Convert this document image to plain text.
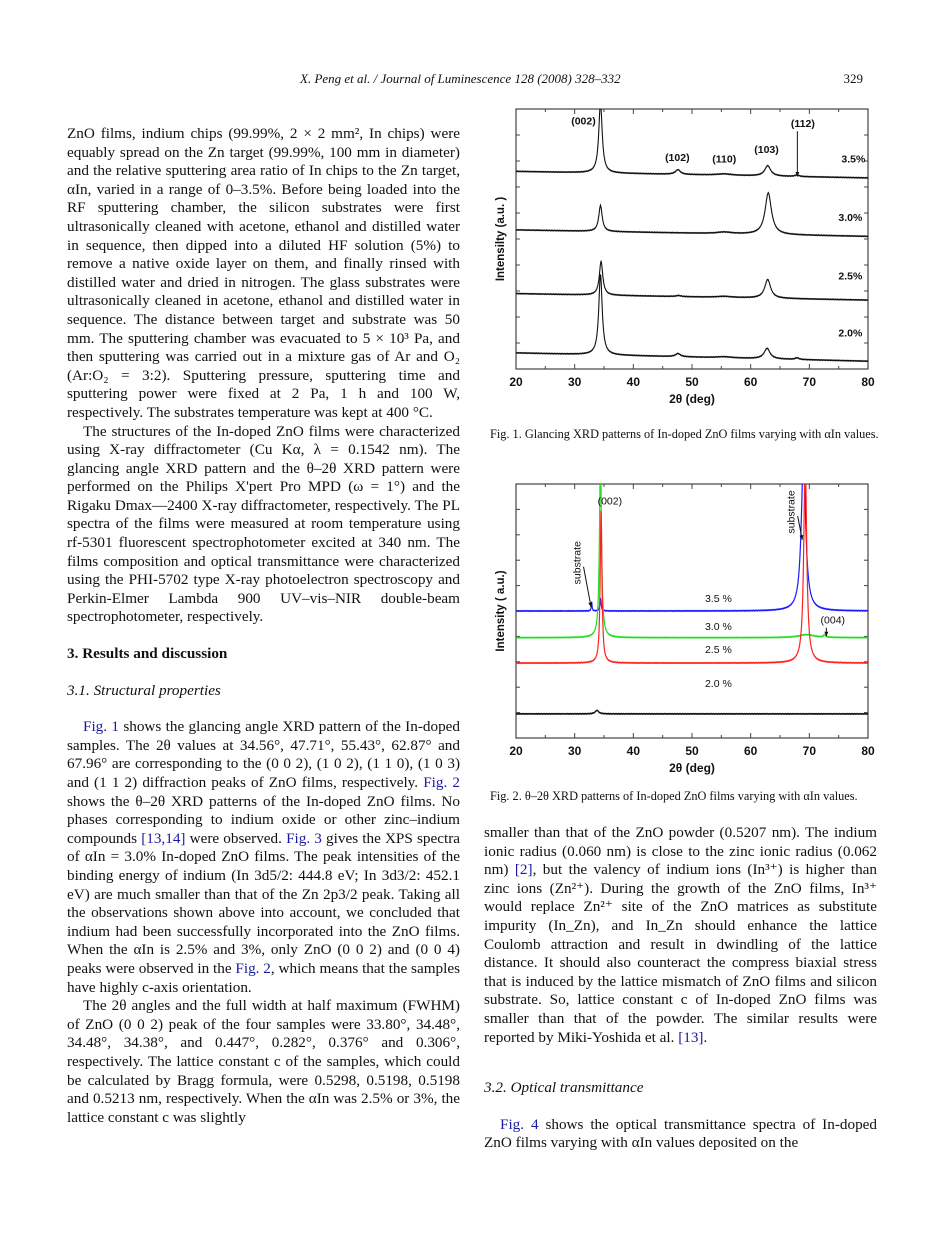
X. Peng et al. / Journal of Luminescence 128 (2008) 328–332	329

ZnO films, indium chips (99.99%, 2 × 2 mm², In chips) were equably spread on the Zn target (99.99%, 100 mm in diameter) and the relative sputtering area ratio of In chips to the Zn target, αIn, varied in a range of 0–3.5%. Before being loaded into the RF sputtering chamber, the silicon substrates were first ultrasonically cleaned with acetone, ethanol and distilled water in sequence, then dipped into a diluted HF solution (5%) to remove a native oxide layer on them, and finally rinsed with distilled water and dried in nitrogen. The glass substrates were ultrasonically cleaned in acetone, ethanol and distilled water in sequence. The distance between target and substrate was 50 mm. The sputtering chamber was evacuated to 5 × 10³ Pa, and then sputtering was carried out in a mixture gas of Ar and O₂ (Ar:O₂ = 3:2). Sputtering pressure, sputtering time and sputtering power were fixed at 2 Pa, 1 h and 100 W, respectively. The substrates temperature was kept at 400 °C.

The structures of the In-doped ZnO films were characterized using X-ray diffractometer (Cu Kα, λ = 0.1542 nm). The glancing angle XRD pattern and the θ–2θ XRD pattern were performed on the Philips X'pert Pro MPD (ω = 1°) and the Rigaku Dmax—2400 X-ray diffractometer, respectively. The PL spectra of the films were measured at room temperature using rf-5301 fluorescent spectrophotometer excited at 340 nm. The films composition and optical transmittance were characterized using the PHI-5702 type X-ray photoelectron spectroscopy and Perkin-Elmer Lambda 900 UV–vis–NIR double-beam spectrophotometer, respectively.

3. Results and discussion
3.1. Structural properties

Fig. 1 shows the glancing angle XRD pattern of the In-doped samples. The 2θ values at 34.56°, 47.71°, 55.43°, 62.87° and 67.96° are corresponding to the (0 0 2), (1 0 2), (1 1 0), (1 0 3) and (1 1 2) diffraction peaks of ZnO films, respectively. Fig. 2 shows the θ–2θ XRD patterns of the In-doped ZnO films. No phases corresponding to indium oxide or other zinc–indium compounds [13,14] were observed. Fig. 3 gives the XPS spectra of αIn = 3.0% In-doped ZnO films. The peak intensities of the binding energy of indium (In 3d5/2: 444.8 eV; In 3d3/2: 452.1 eV) are much smaller than that of the Zn 2p3/2 peak. Taking all the observations shown above into account, we concluded that indium had been successfully incorporated into the ZnO films. When the αIn is 2.5% and 3%, only ZnO (0 0 2) and (0 0 4) peaks were observed in the Fig. 2, which means that the samples have highly c-axis orientation.

The 2θ angles and the full width at half maximum (FWHM) of ZnO (0 0 2) peak of the four samples were 33.80°, 34.48°, 34.48°, 34.38°, and 0.447°, 0.282°, 0.376° and 0.306°, respectively. The lattice constant c of the samples, which could be calculated by Bragg formula, were 0.5298, 0.5198, 0.5198 and 0.5213 nm, respectively. When the αIn was 2.5% or 3%, the lattice constant c was slightly

20	30	40	50	60	70	80
2θ (deg)
Intensilty (a.u. )
(002)
(102) (110)
(103)
(112)
3.5%
3.0%
2.5%
2.0%
Fig. 1. Glancing XRD patterns of In-doped ZnO films varying with αIn values.
20	30	40	50	60	70	80
2θ (deg)
Intensity ( a.u.)
(002)
substrate
substrate
(004)
3.5 %
3.0 %
2.5 %
2.0 %
Fig. 2. θ–2θ XRD patterns of In-doped ZnO films varying with αIn values.

smaller than that of the ZnO powder (0.5207 nm). The indium ionic radius (0.060 nm) is close to the zinc ionic radius (0.062 nm) [2], but the valency of indium ions (In³⁺) is higher than zinc ions (Zn²⁺). During the growth of the ZnO films, In³⁺ would replace Zn²⁺ site of the ZnO matrices as substitute impurity (In_Zn), and In_Zn should enhance the lattice Coulomb attraction and result in dwindling of the lattice distance. It should also counteract the compress biaxial stress that is induced by the lattice mismatch of ZnO films and silicon substrate. So, lattice constant c of In-doped ZnO films was smaller than that of the powder. The similar results were reported by Miki-Yoshida et al. [13].

3.2. Optical transmittance

Fig. 4 shows the optical transmittance spectra of In-doped ZnO films varying with αIn values deposited on the
